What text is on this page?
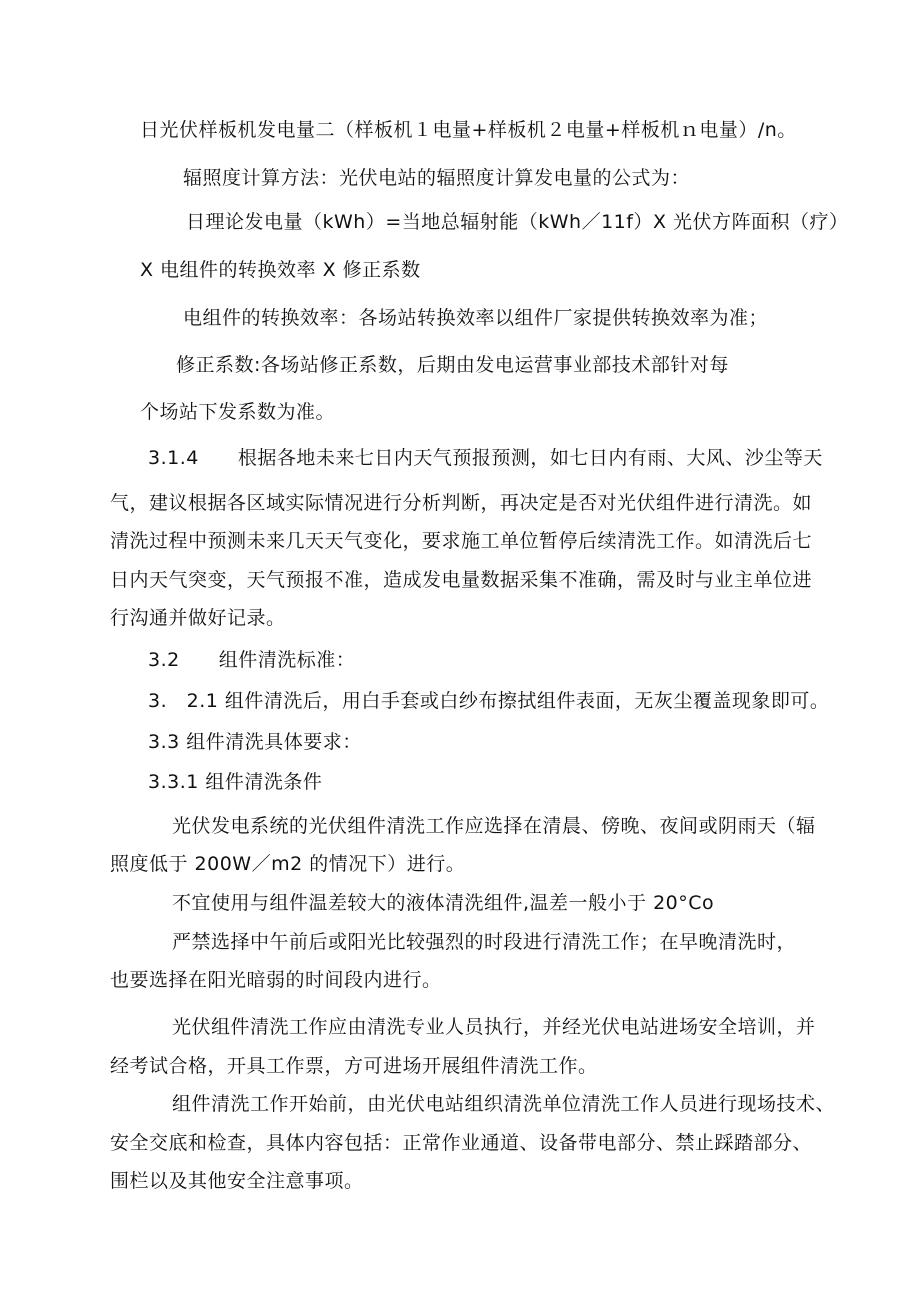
日光伏样板机发电量二（样板机１电量+样板机２电量+样板机ｎ电量）/n。
辐照度计算方法：光伏电站的辐照度计算发电量的公式为：
日理论发电量（kWh）=当地总辐射能（kWh／11f）X 光伏方阵面积（疗）
X 电组件的转换效率 X 修正系数
电组件的转换效率：各场站转换效率以组件厂家提供转换效率为准；
修正系数:各场站修正系数，后期由发电运营事业部技术部针对每
个场站下发系数为准。
3.1.4　　根据各地未来七日内天气预报预测，如七日内有雨、大风、沙尘等天
气，建议根据各区域实际情况进行分析判断，再决定是否对光伏组件进行清洗。如
清洗过程中预测未来几天天气变化，要求施工单位暂停后续清洗工作。如清洗后七
日内天气突变，天气预报不准，造成发电量数据采集不准确，需及时与业主单位进
行沟通并做好记录。
3.2　　组件清洗标准：
3.　2.1 组件清洗后，用白手套或白纱布擦拭组件表面，无灰尘覆盖现象即可。
3.3 组件清洗具体要求：
3.3.1 组件清洗条件
光伏发电系统的光伏组件清洗工作应选择在清晨、傍晚、夜间或阴雨天（辐
照度低于 200W／m2 的情况下）进行。
不宜使用与组件温差较大的液体清洗组件,温差一般小于 20°Co
严禁选择中午前后或阳光比较强烈的时段进行清洗工作；在早晚清洗时，
也要选择在阳光暗弱的时间段内进行。
光伏组件清洗工作应由清洗专业人员执行，并经光伏电站进场安全培训，并
经考试合格，开具工作票，方可进场开展组件清洗工作。
组件清洗工作开始前，由光伏电站组织清洗单位清洗工作人员进行现场技术、
安全交底和检查，具体内容包括：正常作业通道、设备带电部分、禁止踩踏部分、
围栏以及其他安全注意事项。
